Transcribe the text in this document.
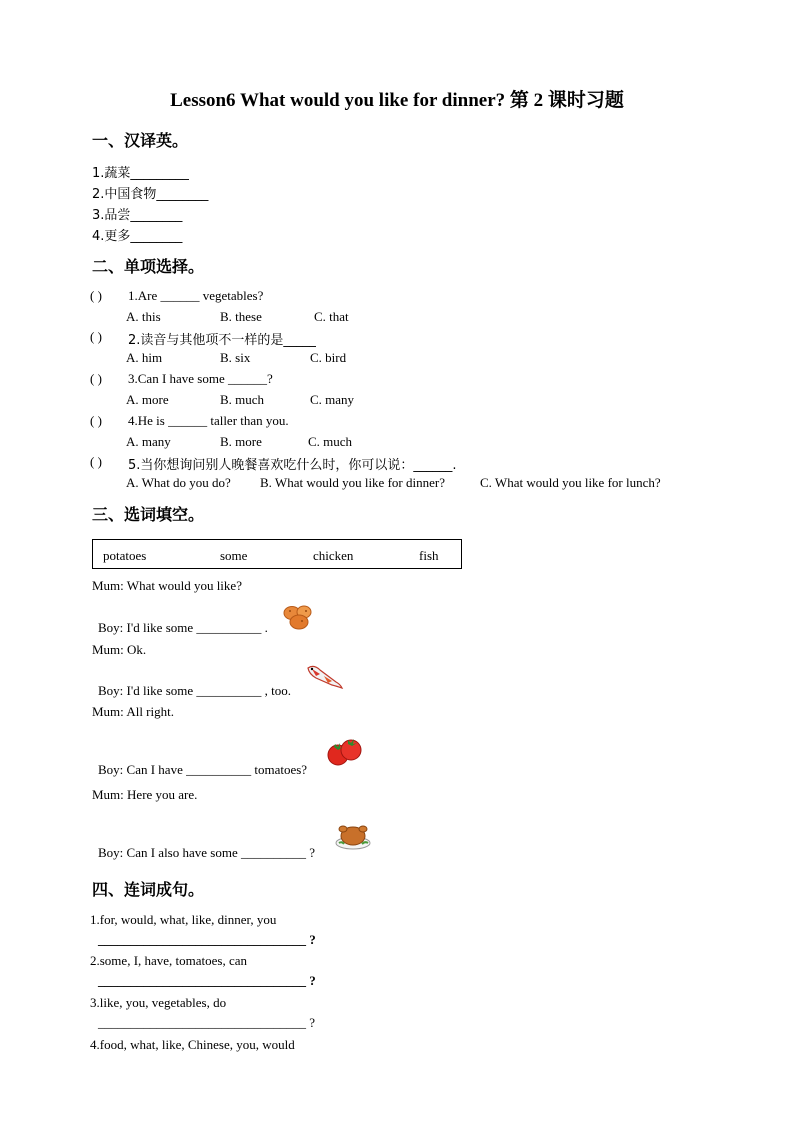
Lesson6 What would you like for dinner? 第 2 课时习题
一、汉译英。
1.蔬菜_________
2.中国食物________
3.品尝________
4.更多________
二、单项选择。
( ) 1.Are ______ vegetables?
A. this	B. these	C. that
( ) 2.读音与其他项不一样的是_____
A. him	B. six	C. bird
( ) 3.Can I have some ______?
A. more	B. much	C. many
( ) 4.He is ______ taller than you.
A. many	B. more	C. much
( ) 5.当你想询问别人晚餐喜欢吃什么时，你可以说：______.
A. What do you do? B. What would you like for dinner?	C. What would you like for lunch?
三、选词填空。
potatoes	some	chicken	fish
Mum: What would you like?
Boy: I'd like some __________ .
Mum: Ok.
Boy: I'd like some __________ , too.
Mum: All right.
Boy: Can I have __________ tomatoes?
Mum: Here you are.
Boy: Can I also have some __________ ?
四、连词成句。
1.for, would, what, like, dinner, you
________________________________ ?
2.some, I, have, tomatoes, can
________________________________ ?
3.like, you, vegetables, do
________________________________ ?
4.food, what, like, Chinese, you, would
